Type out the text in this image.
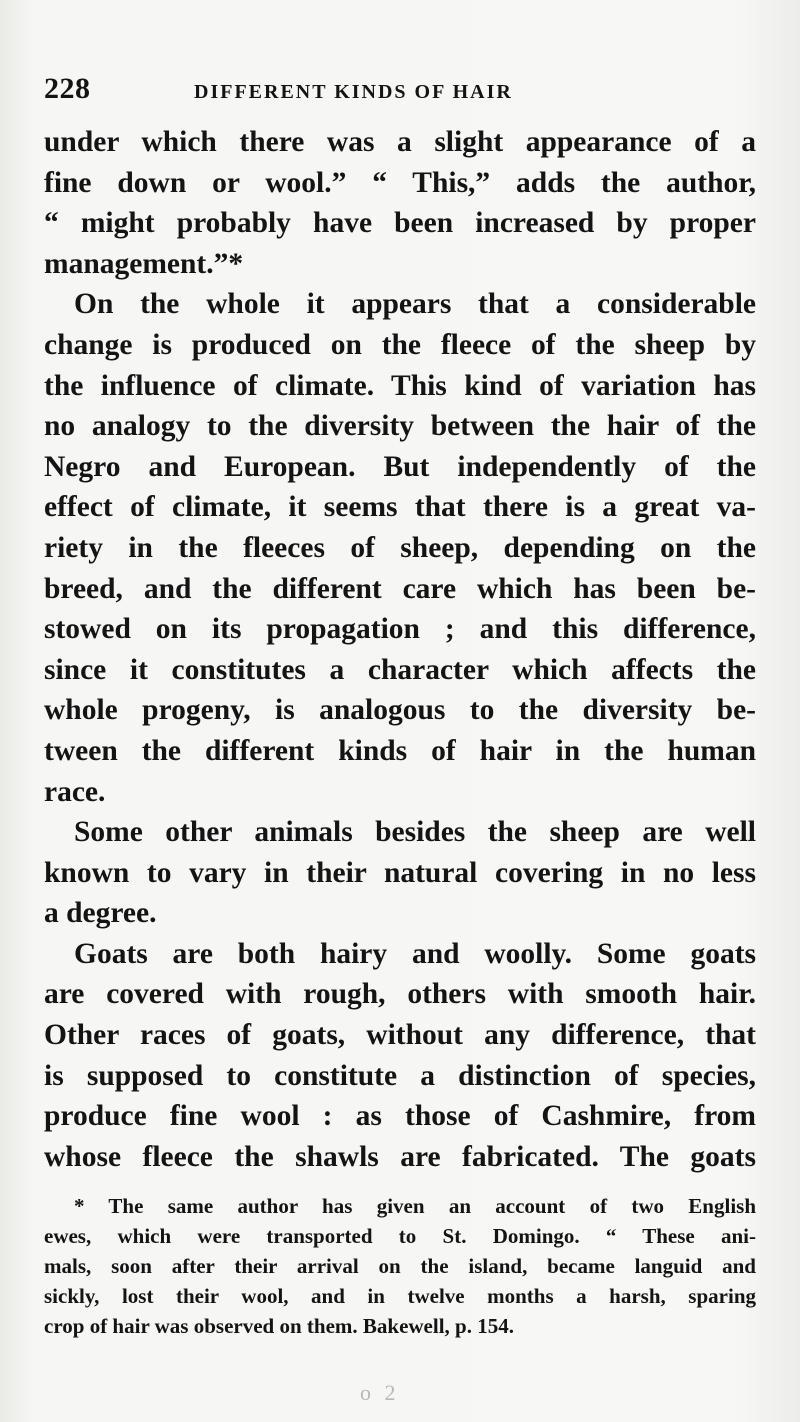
228	DIFFERENT KINDS OF HAIR
under which there was a slight appearance of a
fine down or wool.” “ This,” adds the author,
“ might probably have been increased by proper
management.”*
On the whole it appears that a considerable
change is produced on the fleece of the sheep by
the influence of climate. This kind of variation has
no analogy to the diversity between the hair of the
Negro and European. But independently of the
effect of climate, it seems that there is a great va-
riety in the fleeces of sheep, depending on the
breed, and the different care which has been be-
stowed on its propagation ; and this difference,
since it constitutes a character which affects the
whole progeny, is analogous to the diversity be-
tween the different kinds of hair in the human
race.
Some other animals besides the sheep are well
known to vary in their natural covering in no less
a degree.
Goats are both hairy and woolly. Some goats
are covered with rough, others with smooth hair.
Other races of goats, without any difference, that
is supposed to constitute a distinction of species,
produce fine wool : as those of Cashmire, from
whose fleece the shawls are fabricated. The goats
* The same author has given an account of two English
ewes, which were transported to St. Domingo. “ These ani-
mals, soon after their arrival on the island, became languid and
sickly, lost their wool, and in twelve months a harsh, sparing
crop of hair was observed on them. Bakewell, p. 154.
o 2
